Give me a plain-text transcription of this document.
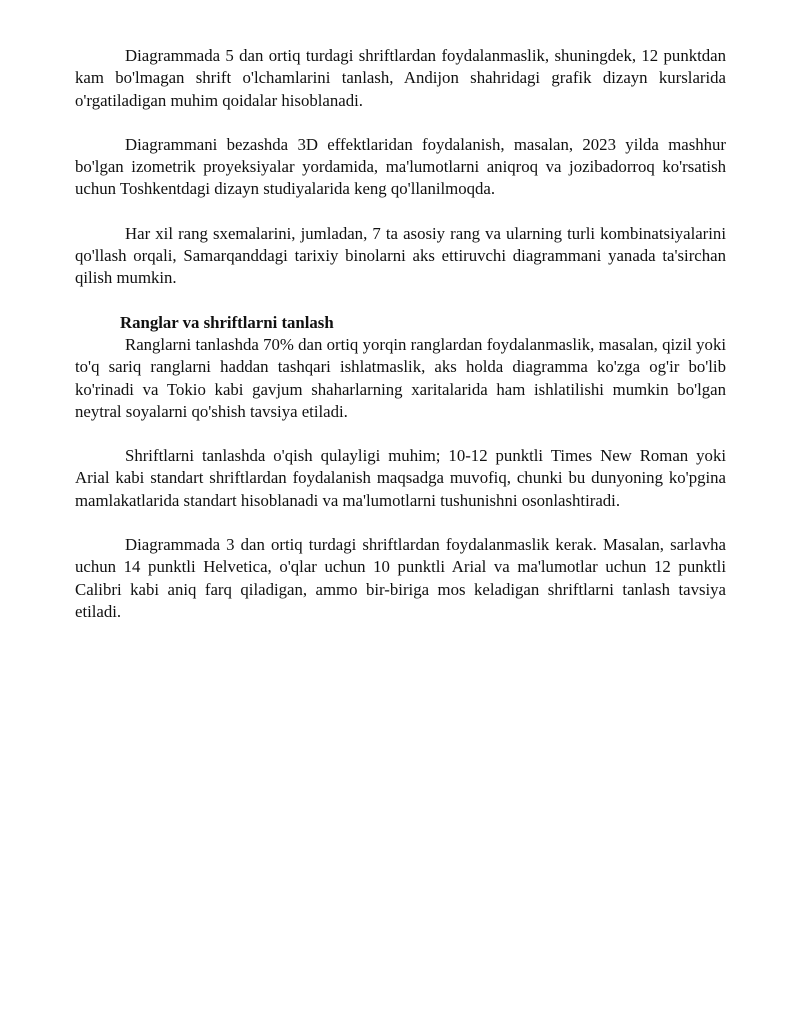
Diagrammada 5 dan ortiq turdagi shriftlardan foydalanmaslik, shuningdek, 12 punktdan kam bo'lmagan shrift o'lchamlarini tanlash, Andijon shahridagi grafik dizayn kurslarida o'rgatiladigan muhim qoidalar hisoblanadi.

Diagrammani bezashda 3D effektlaridan foydalanish, masalan, 2023 yilda mashhur bo'lgan izometrik proyeksiyalar yordamida, ma'lumotlarni aniqroq va jozibadorroq ko'rsatish uchun Toshkentdagi dizayn studiyalarida keng qo'llanilmoqda.

Har xil rang sxemalarini, jumladan, 7 ta asosiy rang va ularning turli kombinatsiyalarini qo'llash orqali, Samarqanddagi tarixiy binolarni aks ettiruvchi diagrammani yanada ta'sirchan qilish mumkin.

Ranglar va shriftlarni tanlash

Ranglarni tanlashda 70% dan ortiq yorqin ranglardan foydalanmaslik, masalan, qizil yoki to'q sariq ranglarni haddan tashqari ishlatmaslik, aks holda diagramma ko'zga og'ir bo'lib ko'rinadi va Tokio kabi gavjum shaharlarning xaritalarida ham ishlatilishi mumkin bo'lgan neytral soyalarni qo'shish tavsiya etiladi.

Shriftlarni tanlashda o'qish qulayligi muhim; 10-12 punktli Times New Roman yoki Arial kabi standart shriftlardan foydalanish maqsadga muvofiq, chunki bu dunyoning ko'pgina mamlakatlarida standart hisoblanadi va ma'lumotlarni tushunishni osonlashtiradi.

Diagrammada 3 dan ortiq turdagi shriftlardan foydalanmaslik kerak. Masalan, sarlavha uchun 14 punktli Helvetica, o'qlar uchun 10 punktli Arial va ma'lumotlar uchun 12 punktli Calibri kabi aniq farq qiladigan, ammo bir-biriga mos keladigan shriftlarni tanlash tavsiya etiladi.
